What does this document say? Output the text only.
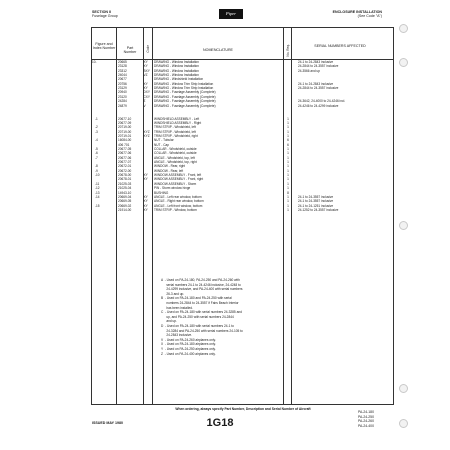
SECTION II
Fuselage Group
Piper	ENCLOSURE INSTALLATION
(See Code "A")
Figure and Index Number	Part Number	Code	NOMENCLATURE	No. Req.	SERIAL NUMBERS AFFECTED
10-	20665	XY	DRAWING - Window Installation	24-1 to 24-2843 inclusive
23128	XY	DRAWING - Window Installation	24-2844 to 24-3557 inclusive
23312	BXY	DRAWING - Window Installation	24-3566 and up
24044	VZ	DRAWING - Window Installation
20677	DRAWING - Windshield Installation
20756	XY	DRAWING - Window Trim Strip Installation	24-1 to 24-2843 inclusive
23129	XY	DRAWING - Window Trim Strip Installation	24-2844 to 24-3557 inclusive
20940	DXY	DRAWING - Fuselage Assembly (Complete)
23120	CXY	DRAWING - Fuselage Assembly (Complete)
24284	Z	DRAWING - Fuselage Assembly (Complete)	24-3642, 24-4000 to 24-4246 incl.
24879	V	DRAWING - Fuselage Assembly (Complete)	24-4246 to 24-4299 inclusive
-1	20677-10	WINDSHIELD ASSEMBLY - Left	1
20677-09	WINDSHIELD ASSEMBLY - Right	1
-2	20719-00	TRIM STRIP - Windshield, left	1
-3	20719-00	XYZ	TRIM STRIP - Windshield, left	1
20719-01	XYZ	TRIM STRIP - Windshield, right	1
-4	16084-00	NUT - Tubular	6
406 701	NUT - Cap	6
-5	20677-05	COLLAR - Windshield, outside	1
-6	20677-06	COLLAR - Windshield, outside	1
-7	20677-06	ANGLE - Windshield, top, left	1
20677-07	ANGLE - Windshield, top, right	1
-8	20672-01	WINDOW - Rear, right	1
-9	20672-00	WINDOW - Rear, left	1
-10	20678-00	XY	WINDOW ASSEMBLY - Front, left	1
20678-01	XY	WINDOW ASSEMBLY - Front, right	1
-11	21025-03	WINDOW ASSEMBLY - Storm	1
-12	21025-04	PIN - Storm window hinge	1
-13	14943-10	BUSHING	8
-14	20669-04	XY	ANGLE - Left rear window, bottom	1	24-1 to 24-3557 inclusive
20669-05	XY	ANGLE - Right rear window, bottom	1	24-1 to 24-3557 inclusive
-15	20669-02	XY	ANGLE - Left front window, bottom	1	24-1 to 24-1251 inclusive
21914-00	XY	TRIM STRIP - Window, bottom	1	24-1252 to 24-3557 inclusive
A  - Used on PA-24-180, PA-24-250 and PA-24-260 with
serial numbers 24-1 to 24-4246 inclusive, 24-4248 to
24-4299 inclusive, and PA-24-400 with serial numbers
26-3 and up.
B  - Used on PA-24-180 and PA-24-250 with serial
numbers 24-2844 to 24-3557 if Fairs Beach Interior
has been installed.
C  - Used on PA-24-180 with serial numbers 24-3285 and
up, and PA-24-250 with serial numbers 24-2844
and up.
D  - Used on PA-24-180 with serial numbers 24-1 to
24-3284 and PA-24-250 with serial numbers 24-105 to
24-2843 inclusive.
V  - Used on PA-24-260 airplanes only.
X  - Used on PA-24-180 airplanes only.
Y  - Used on PA-24-250 airplanes only.
Z  - Used on PA-24-400 airplanes only.
When ordering, always specify Part Number, Description and Serial Number of Aircraft
ISSUED MAY 1980	1G18
PA-24-180
PA-24-250
PA-24-260
PA-24-400
